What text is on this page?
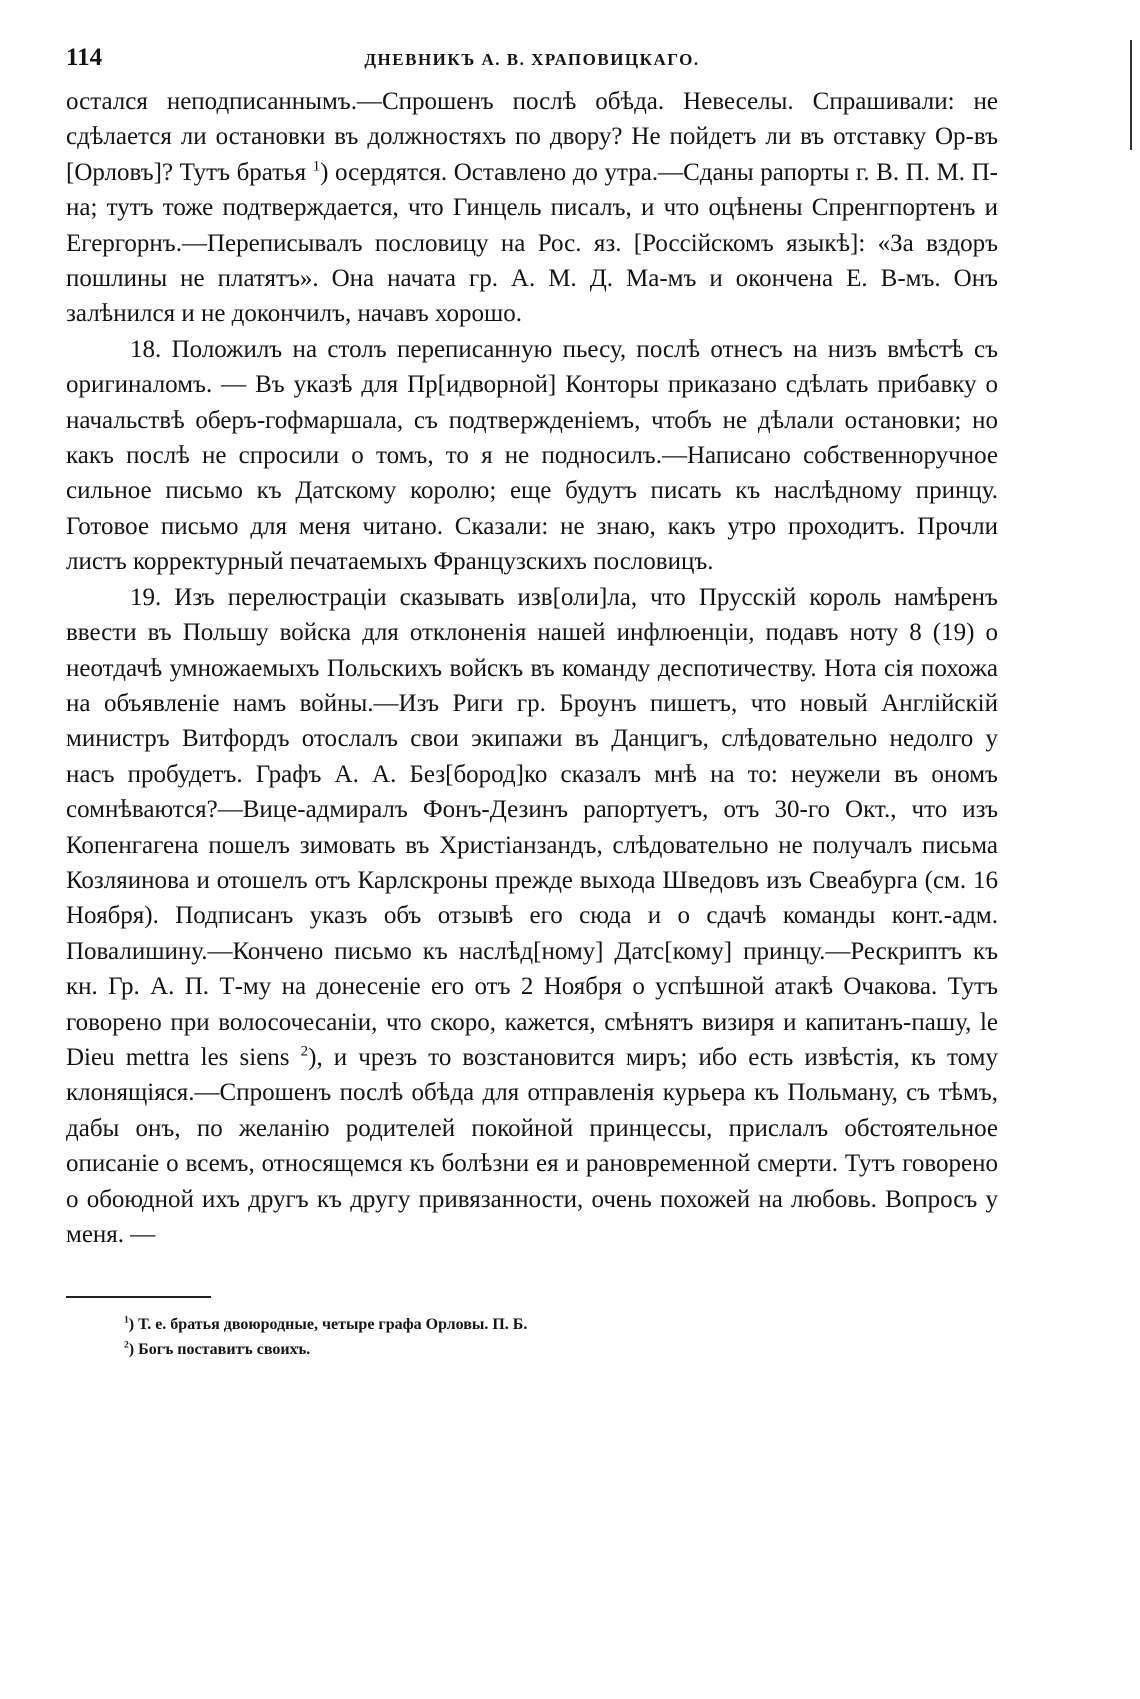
114	ДНЕВНИКЪ А. В. ХРАПОВИЦКАГО.

остался неподписаннымъ.—Спрошенъ послѣ обѣда. Невеселы. Спрашивали: не сдѣлается ли остановки въ должностяхъ по двору? Не пойдетъ ли въ отставку Ор-въ [Орловъ]? Тутъ братья $^1$) осердятся. Оставлено до утра.—Сданы рапорты г. В. П. М. П-на; тутъ тоже подтверждается, что Гинцель писалъ, и что оцѣнены Спренгпортенъ и Егергорнъ.—Переписывалъ пословицу на Рос. яз. [Россійскомъ языкѣ]: «За вздоръ пошлины не платятъ». Она начата гр. А. М. Д. Ма-мъ и окончена Е. В-мъ. Онъ залѣнился и не докончилъ, начавъ хорошо.

18. Положилъ на столъ переписанную пьесу, послѣ отнесъ на низъ вмѣстѣ съ оригиналомъ. — Въ указѣ для Пр[идворной] Конторы приказано сдѣлать прибавку о начальствѣ оберъ-гофмаршала, съ подтвержденіемъ, чтобъ не дѣлали остановки; но какъ послѣ не спросили о томъ, то я не подносилъ.—Написано собственноручное сильное письмо къ Датскому королю; еще будутъ писать къ наслѣдному принцу. Готовое письмо для меня читано. Сказали: не знаю, какъ утро проходитъ. Прочли листъ корректурный печатаемыхъ Французскихъ пословицъ.

19. Изъ перелюстраціи сказывать изв[оли]ла, что Прусскій король намѣренъ ввести въ Польшу войска для отклоненія нашей инфлюенціи, подавъ ноту 8 (19) о неотдачѣ умножаемыхъ Польскихъ войскъ въ команду деспотичеству. Нота сія похожа на объявленіе намъ войны.—Изъ Риги гр. Броунъ пишетъ, что новый Англійскій министръ Витфордъ отослалъ свои экипажи въ Данцигъ, слѣдовательно недолго у насъ пробудетъ. Графъ А. А. Без[бород]ко сказалъ мнѣ на то: неужели въ ономъ сомнѣваются?—Вице-адмиралъ Фонъ-Дезинъ рапортуетъ, отъ 30-го Окт., что изъ Копенгагена пошелъ зимовать въ Христіанзандъ, слѣдовательно не получалъ письма Козляинова и отошелъ отъ Карлскроны прежде выхода Шведовъ изъ Свеабурга (см. 16 Ноября). Подписанъ указъ объ отзывѣ его сюда и о сдачѣ команды конт.-адм. Повалишину.—Кончено письмо къ наслѣд[ному] Датс[кому] принцу.—Рескриптъ къ кн. Гр. А. П. Т-му на донесеніе его отъ 2 Ноября о успѣшной атакѣ Очакова. Тутъ говорено при волосочесаніи, что скоро, кажется, смѣнятъ визиря и капитанъ-пашу, le Dieu mettra les siens $^2$), и чрезъ то возстановится миръ; ибо есть извѣстія, къ тому клонящіяся.—Спрошенъ послѣ обѣда для отправленія курьера къ Польману, съ тѣмъ, дабы онъ, по желанію родителей покойной принцессы, прислалъ обстоятельное описаніе о всемъ, относящемся къ болѣзни ея и рановременной смерти. Тутъ говорено о обоюдной ихъ другъ къ другу привязанности, очень похожей на любовь. Вопросъ у меня. —

$^1$) Т. е. братья двоюродные, четыре графа Орловы. П. Б.

$^2$) Богъ поставитъ своихъ.
